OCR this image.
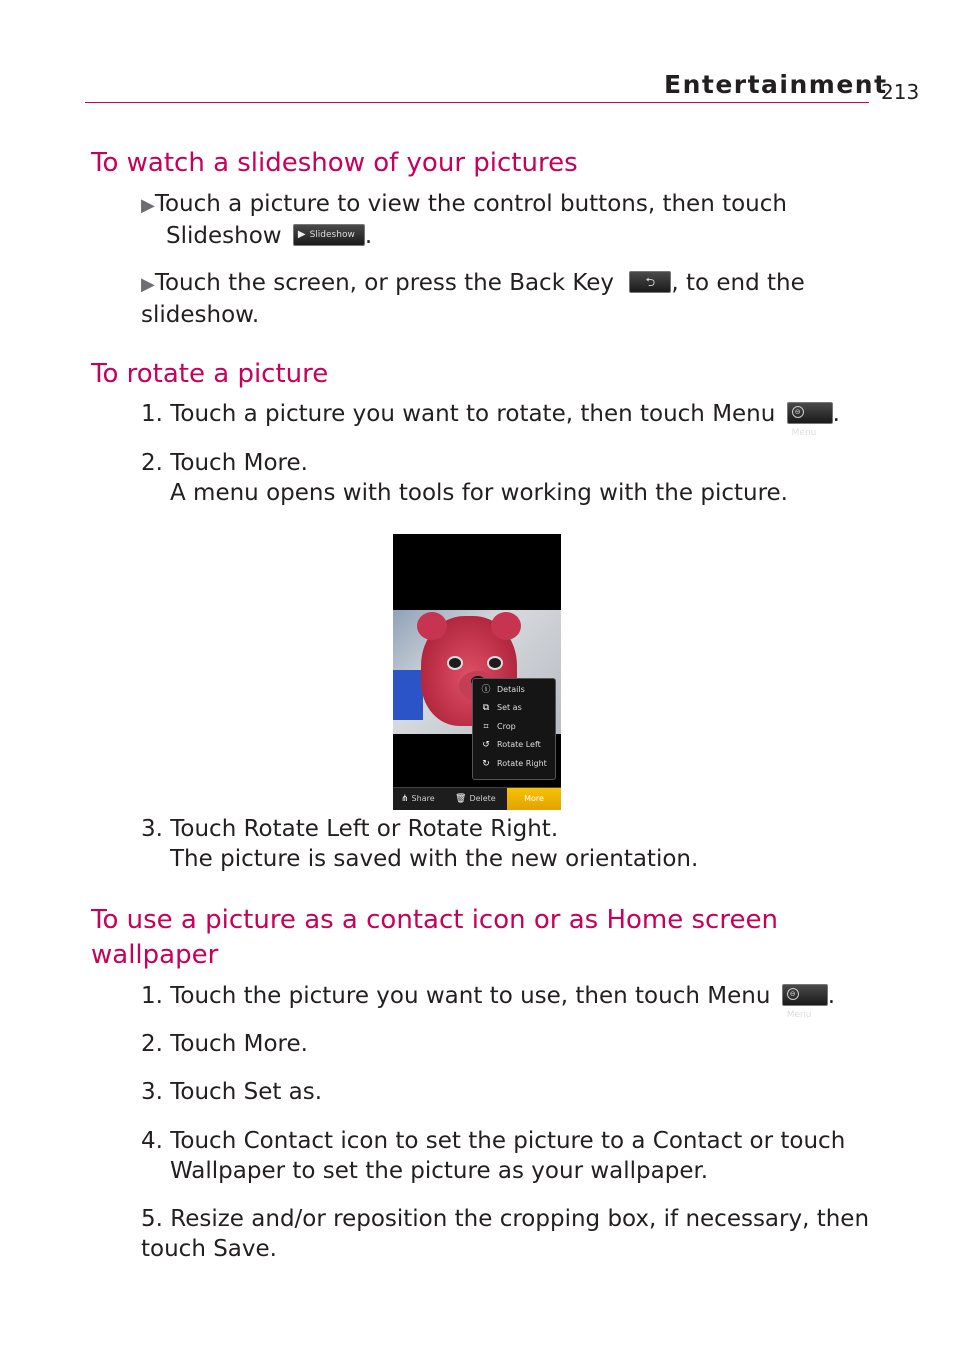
Entertainment
213
To watch a slideshow of your pictures

▶Touch a picture to view the control buttons, then touch

Slideshow ▶ Slideshow .

▶Touch the screen, or press the Back Key	⮌ , to end the slideshow.

To rotate a picture

1. Touch a picture you want to rotate, then touch Menu	⊖Menu.

2. Touch More.
A menu opens with tools for working with the picture.

ⓘ Details
⧉ Set as
⌗ Crop
↺ Rotate Left
↻ Rotate Right
⋔ Share 🗑 Delete	More

3. Touch Rotate Left or Rotate Right.
The picture is saved with the new orientation.

To use a picture as a contact icon or as Home screen wallpaper

1. Touch the picture you want to use, then touch Menu	⊖Menu.

2. Touch More.

3. Touch Set as.

4. Touch Contact icon to set the picture to a Contact or touch
Wallpaper to set the picture as your wallpaper.

5. Resize and/or reposition the cropping box, if necessary, then touch Save.
